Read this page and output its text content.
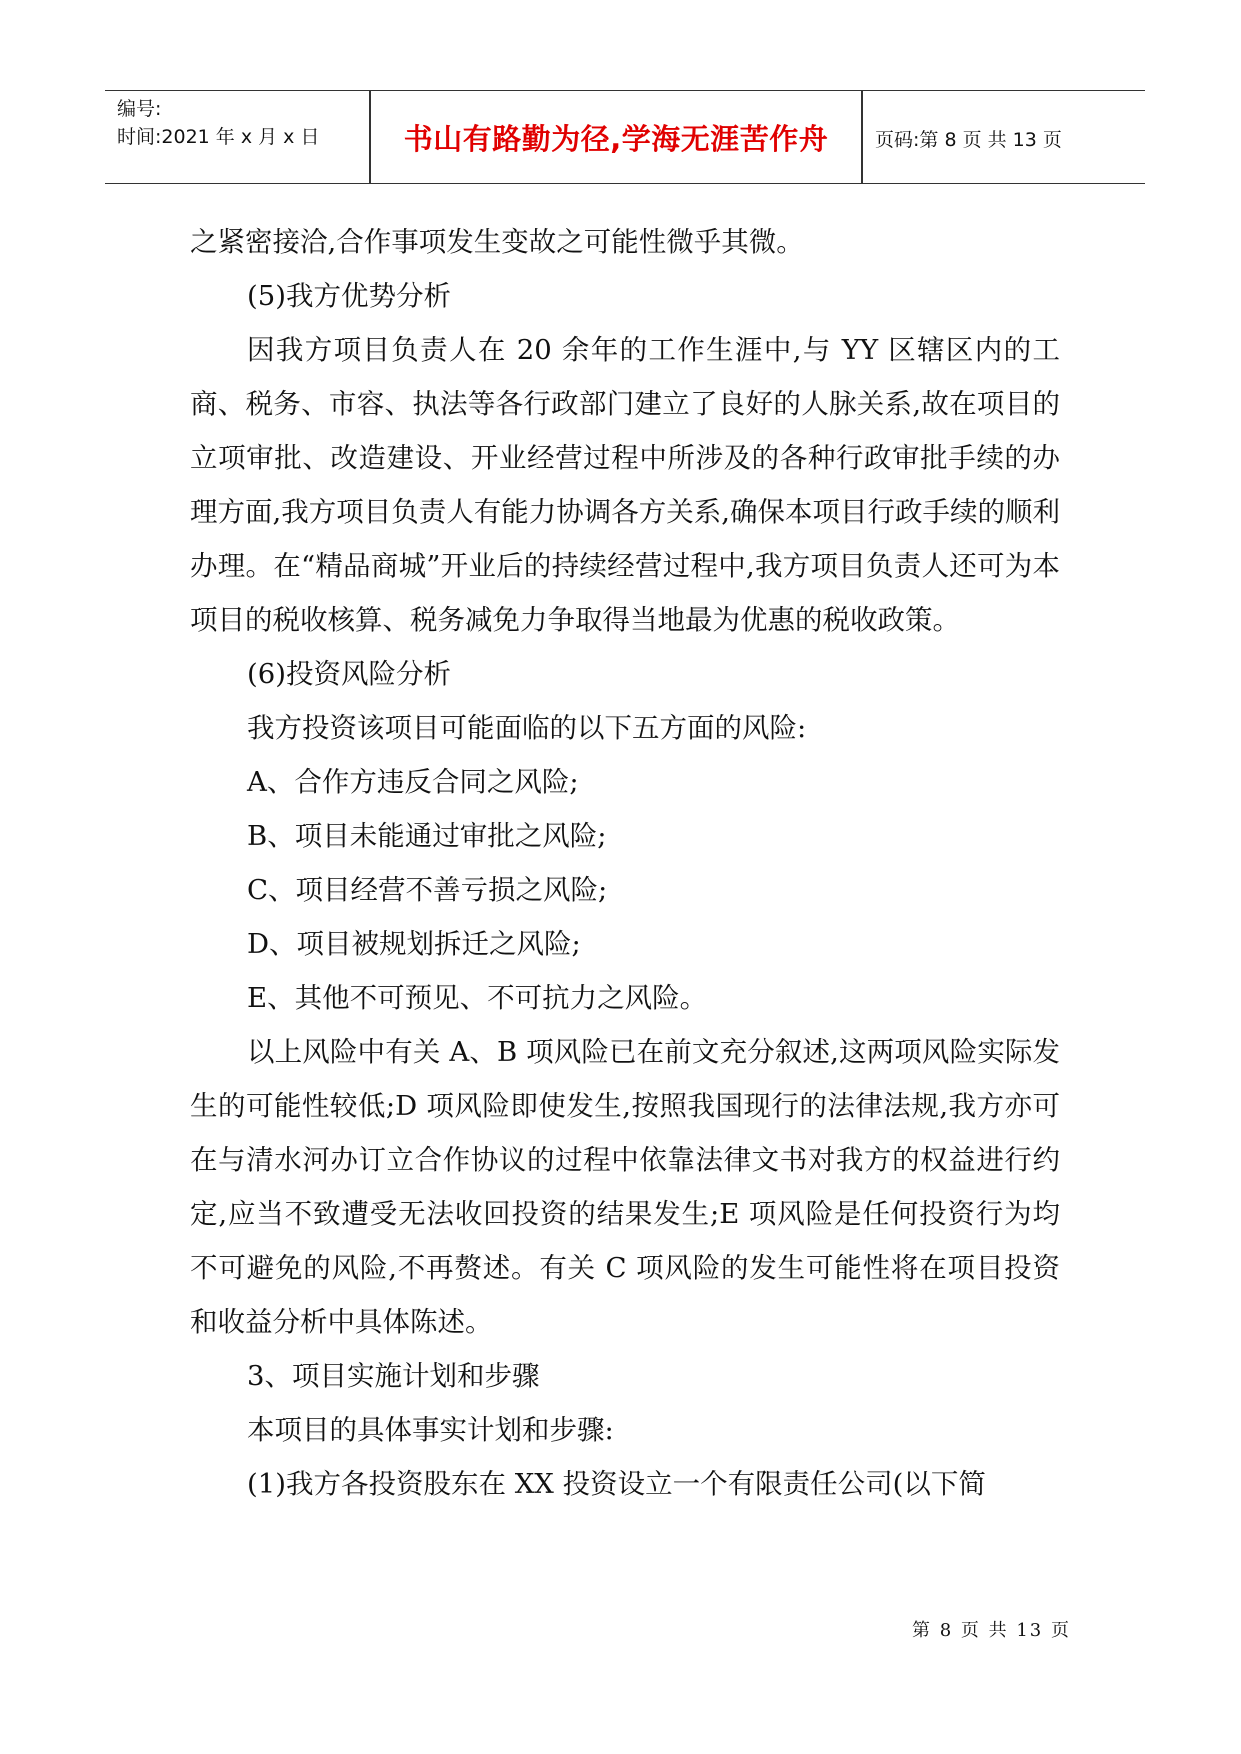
编号:
时间:2021 年 x 月 x 日	书山有路勤为径,学海无涯苦作舟	页码:第 8 页 共 13 页

之紧密接洽,合作事项发生变故之可能性微乎其微。

(5)我方优势分析

因我方项目负责人在 20 余年的工作生涯中,与 YY 区辖区内的工商、税务、市容、执法等各行政部门建立了良好的人脉关系,故在项目的立项审批、改造建设、开业经营过程中所涉及的各种行政审批手续的办理方面,我方项目负责人有能力协调各方关系,确保本项目行政手续的顺利办理。在“精品商城”开业后的持续经营过程中,我方项目负责人还可为本项目的税收核算、税务减免力争取得当地最为优惠的税收政策。

(6)投资风险分析

我方投资该项目可能面临的以下五方面的风险:

A、合作方违反合同之风险;

B、项目未能通过审批之风险;

C、项目经营不善亏损之风险;

D、项目被规划拆迁之风险;

E、其他不可预见、不可抗力之风险。

以上风险中有关 A、B 项风险已在前文充分叙述,这两项风险实际发生的可能性较低;D 项风险即使发生,按照我国现行的法律法规,我方亦可在与清水河办订立合作协议的过程中依靠法律文书对我方的权益进行约定,应当不致遭受无法收回投资的结果发生;E 项风险是任何投资行为均不可避免的风险,不再赘述。有关 C 项风险的发生可能性将在项目投资和收益分析中具体陈述。

3、项目实施计划和步骤

本项目的具体事实计划和步骤:

(1)我方各投资股东在 XX 投资设立一个有限责任公司(以下简

第 8 页 共 13 页
